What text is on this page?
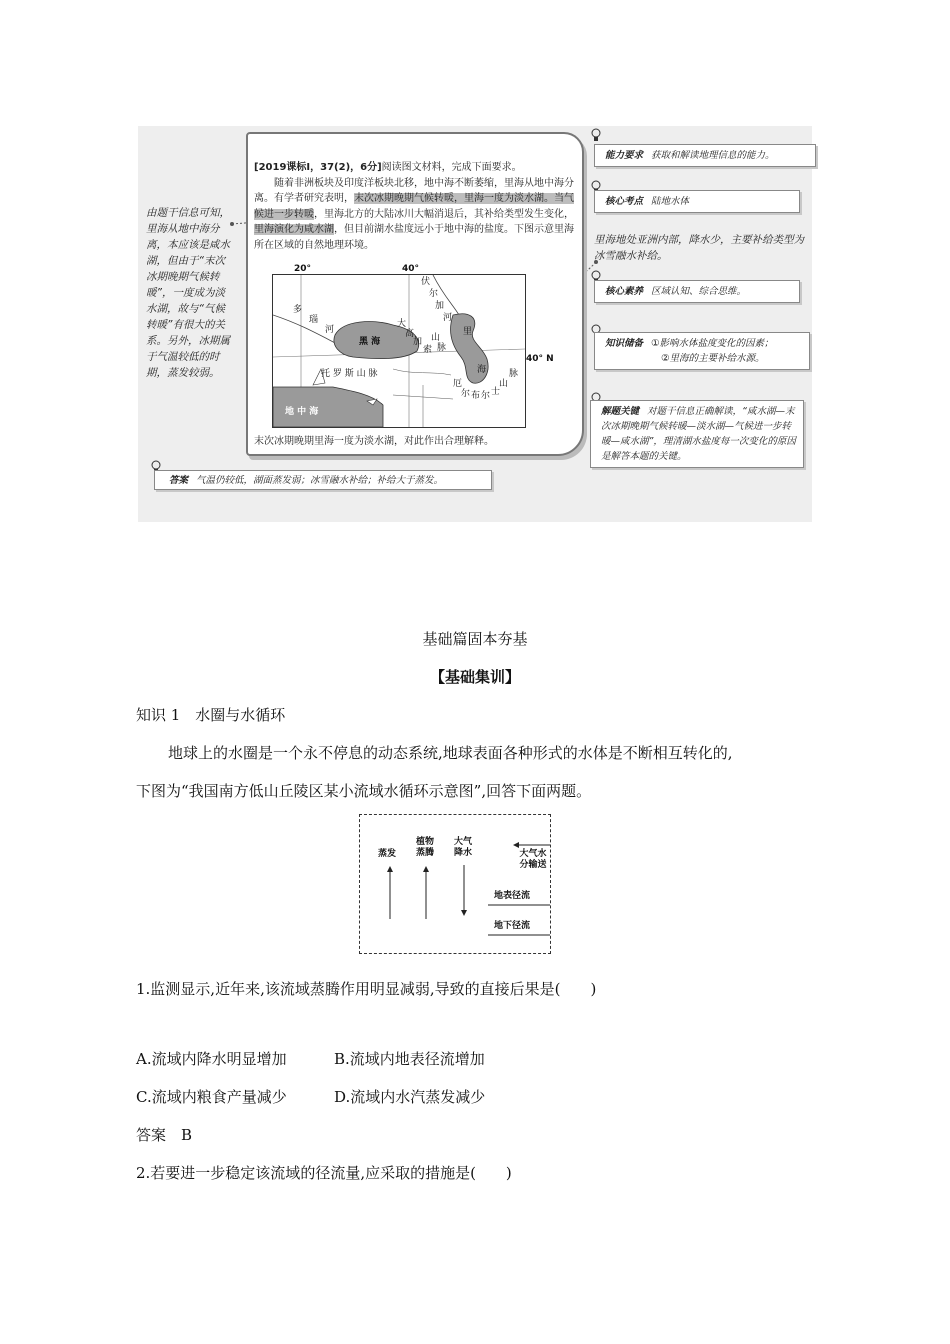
由题干信息可知，里海从地中海分离，本应该是咸水湖，但由于“末次冰期晚期气候转暖”，一度成为淡水湖，故与“气候转暖”有很大的关系。另外，冰期属于气温较低的时期，蒸发较弱。
[2019课标Ⅰ，37(2)，6分]阅读图文材料，完成下面要求。
　　随着非洲板块及印度洋板块北移，地中海不断萎缩，里海从地中海分离。有学者研究表明，末次冰期晚期气候转暖，里海一度为淡水湖。当气候进一步转暖，里海北方的大陆冰川大幅消退后，其补给类型发生变化，里海演化为咸水湖，但目前湖水盐度远小于地中海的盐度。下图示意里海所在区域的自然地理环境。
多
瑙
河
伏
尔
加
河
黑 海
大
高
加
索
山
脉
里
海
托 罗 斯 山 脉
厄
尔 布 尔 士
山
脉
地 中 海
20°	40°
40° N
末次冰期晚期里海一度为淡水湖，对此作出合理解释。
能力要求 获取和解读地理信息的能力。
核心考点 陆地水体
里海地处亚洲内部，降水少，主要补给类型为冰雪融水补给。
核心素养 区域认知、综合思维。
知识储备 ①影响水体盐度变化的因素；
②里海的主要补给水源。
解题关键 对题干信息正确解读，“咸水湖—末次冰期晚期气候转暖—淡水湖—气候进一步转暖—咸水湖”，理清湖水盐度每一次变化的原因是解答本题的关键。
答案 气温仍较低，湖面蒸发弱；冰雪融水补给；补给大于蒸发。
基础篇固本夯基
【基础集训】
知识 1　水圈与水循环
地球上的水圈是一个永不停息的动态系统,地球表面各种形式的水体是不断相互转化的,
下图为“我国南方低山丘陵区某小流域水循环示意图”,回答下面两题。
蒸发
植物
蒸腾
大气
降水	大气水分输送
地表径流
地下径流
1.监测显示,近年来,该流域蒸腾作用明显减弱,导致的直接后果是(　　)
A.流域内降水明显增加	B.流域内地表径流增加
C.流域内粮食产量减少	D.流域内水汽蒸发减少
答案　B
2.若要进一步稳定该流域的径流量,应采取的措施是(　　)
